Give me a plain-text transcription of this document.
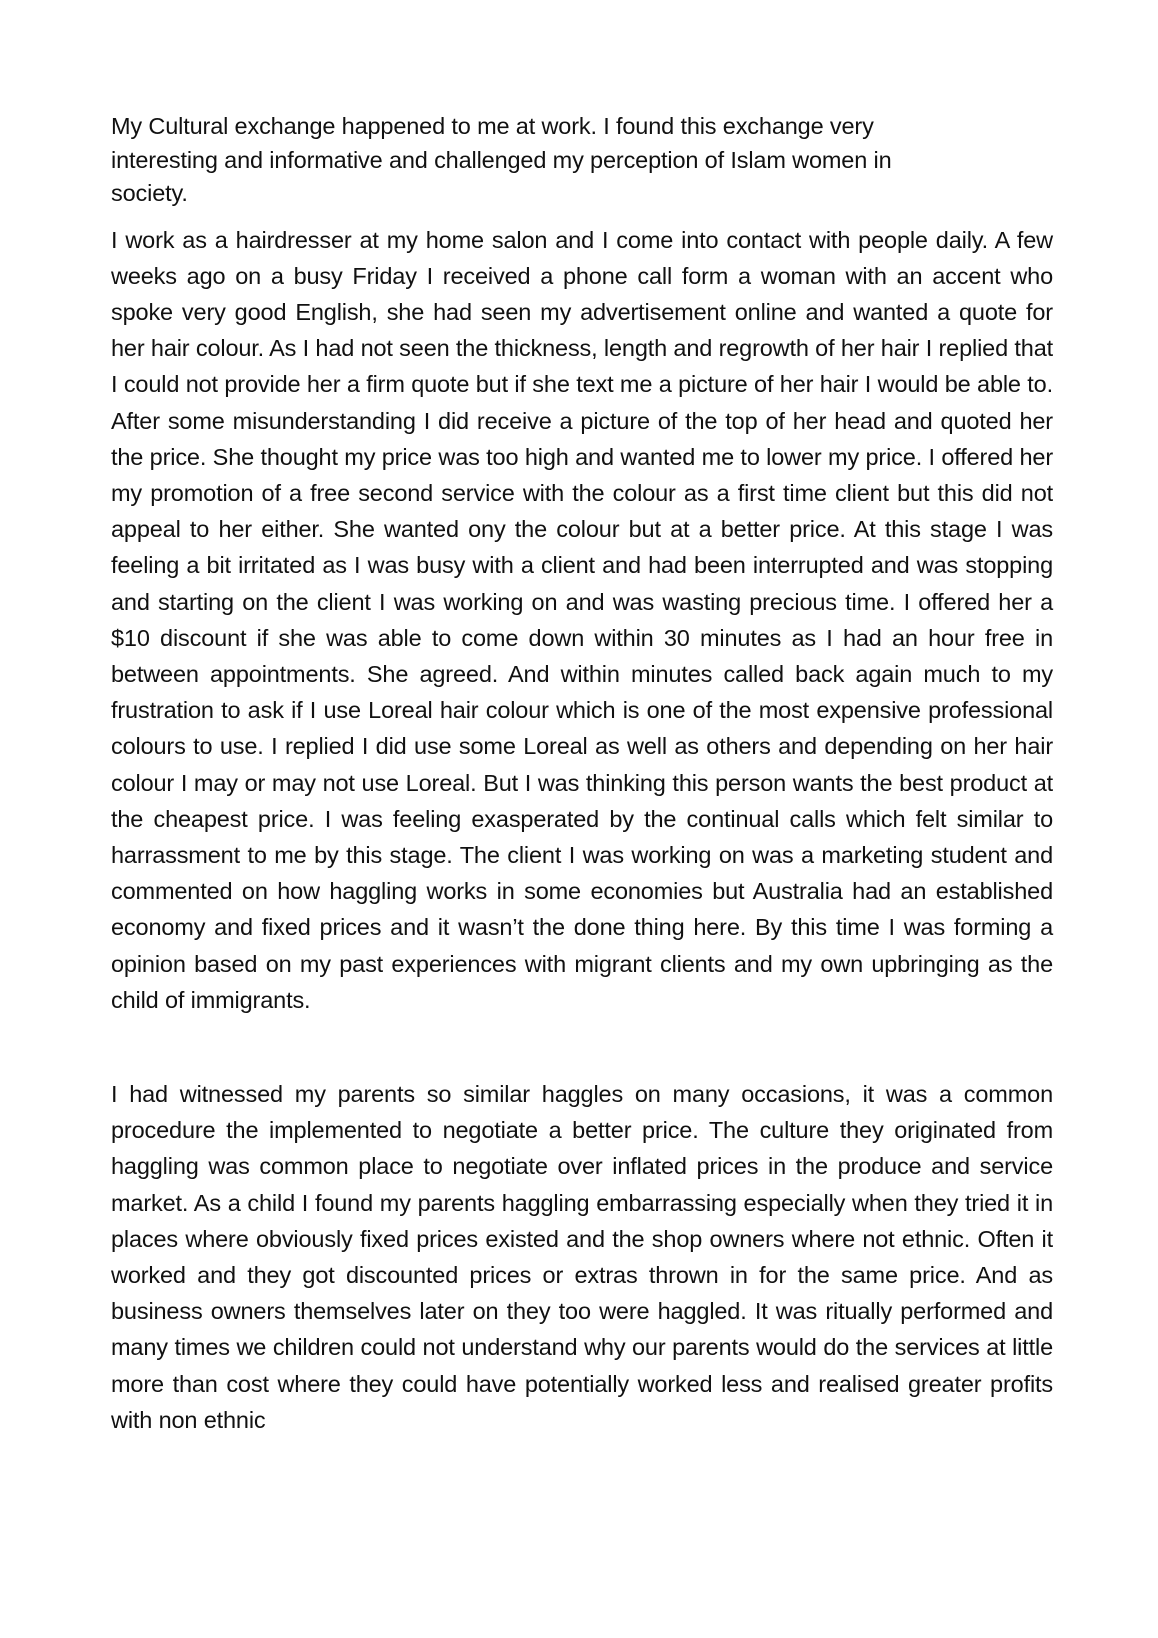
My Cultural exchange happened to me at work. I found this exchange very interesting and informative and challenged my perception of Islam women in society.

I work as a hairdresser at my home salon and I come into contact with people daily. A few weeks ago on a busy Friday I received a phone call form a woman with an accent who spoke very good English, she had seen my advertisement online and wanted a quote for her hair colour. As I had not seen the thickness, length and regrowth of her hair I replied that I could not provide her a firm quote but if she text me a picture of her hair I would be able to. After some misunderstanding I did receive a picture of the top of her head and quoted her the price. She thought my price was too high and wanted me to lower my price. I offered her my promotion of a free second service with the colour as a first time client but this did not appeal to her either. She wanted ony the colour but at a better price. At this stage I was feeling a bit irritated as I was busy with a client and had been interrupted and was stopping and starting on the client I was working on and was wasting precious time. I offered her a $10 discount if she was able to come down within 30 minutes as I had an hour free in between appointments. She agreed. And within minutes called back again much to my frustration to ask if I use Loreal hair colour which is one of the most expensive professional colours to use. I replied I did use some Loreal as well as others and depending on her hair colour I may or may not use Loreal. But I was thinking this person wants the best product at the cheapest price. I was feeling exasperated by the continual calls which felt similar to harrassment to me by this stage. The client I was working on was a marketing student and commented on how haggling works in some economies but Australia had an established economy and fixed prices and it wasn’t the done thing here. By this time I was forming a opinion based on my past experiences with migrant clients and my own upbringing as the child of immigrants.

I had witnessed my parents so similar haggles on many occasions, it was a common procedure the implemented to negotiate a better price. The culture they originated from haggling was common place to negotiate over inflated prices in the produce and service market. As a child I found my parents haggling embarrassing especially when they tried it in places where obviously fixed prices existed and the shop owners where not ethnic. Often it worked and they got discounted prices or extras thrown in for the same price. And as business owners themselves later on they too were haggled. It was ritually performed and many times we children could not understand why our parents would do the services at little more than cost where they could have potentially worked less and realised greater profits with non ethnic
